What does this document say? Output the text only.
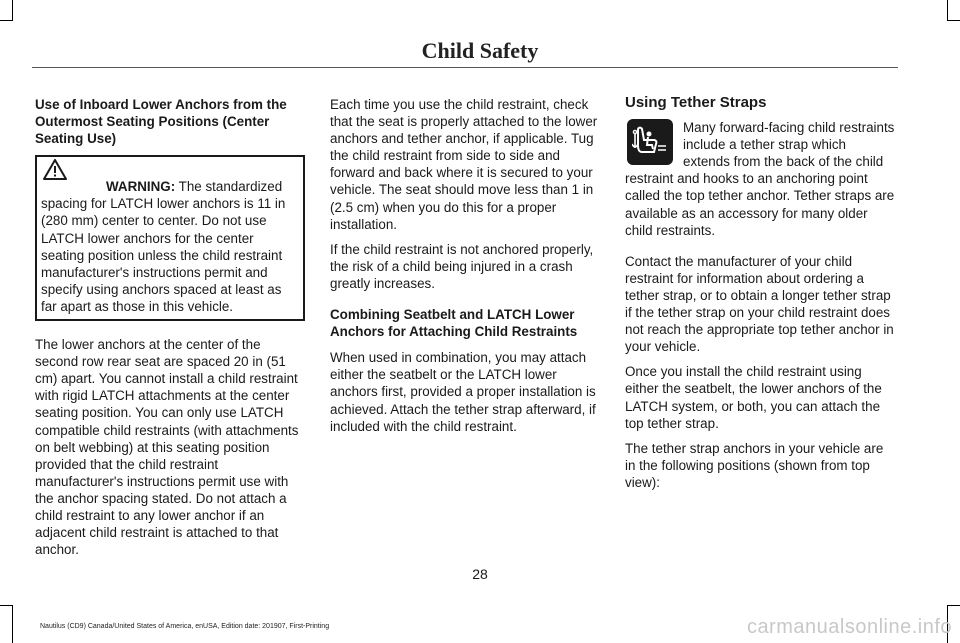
Child Safety

Use of Inboard Lower Anchors from the Outermost Seating Positions (Center Seating Use)

WARNING: The standardized spacing for LATCH lower anchors is 11 in (280 mm) center to center. Do not use LATCH lower anchors for the center seating position unless the child restraint manufacturer's instructions permit and specify using anchors spaced at least as far apart as those in this vehicle.

The lower anchors at the center of the second row rear seat are spaced 20 in (51 cm) apart. You cannot install a child restraint with rigid LATCH attachments at the center seating position. You can only use LATCH compatible child restraints (with attachments on belt webbing) at this seating position provided that the child restraint manufacturer's instructions permit use with the anchor spacing stated. Do not attach a child restraint to any lower anchor if an adjacent child restraint is attached to that anchor.

Each time you use the child restraint, check that the seat is properly attached to the lower anchors and tether anchor, if applicable. Tug the child restraint from side to side and forward and back where it is secured to your vehicle. The seat should move less than 1 in (2.5 cm) when you do this for a proper installation.

If the child restraint is not anchored properly, the risk of a child being injured in a crash greatly increases.

Combining Seatbelt and LATCH Lower Anchors for Attaching Child Restraints

When used in combination, you may attach either the seatbelt or the LATCH lower anchors first, provided a proper installation is achieved. Attach the tether strap afterward, if included with the child restraint.

Using Tether Straps

Many forward-facing child restraints include a tether strap which extends from the back of the child restraint and hooks to an anchoring point called the top tether anchor. Tether straps are available as an accessory for many older child restraints.

Contact the manufacturer of your child restraint for information about ordering a tether strap, or to obtain a longer tether strap if the tether strap on your child restraint does not reach the appropriate top tether anchor in your vehicle.

Once you install the child restraint using either the seatbelt, the lower anchors of the LATCH system, or both, you can attach the top tether strap.

The tether strap anchors in your vehicle are in the following positions (shown from top view):

28
Nautilus (CD9) Canada/United States of America, enUSA, Edition date: 201907, First-Printing	carmanualsonline.info
